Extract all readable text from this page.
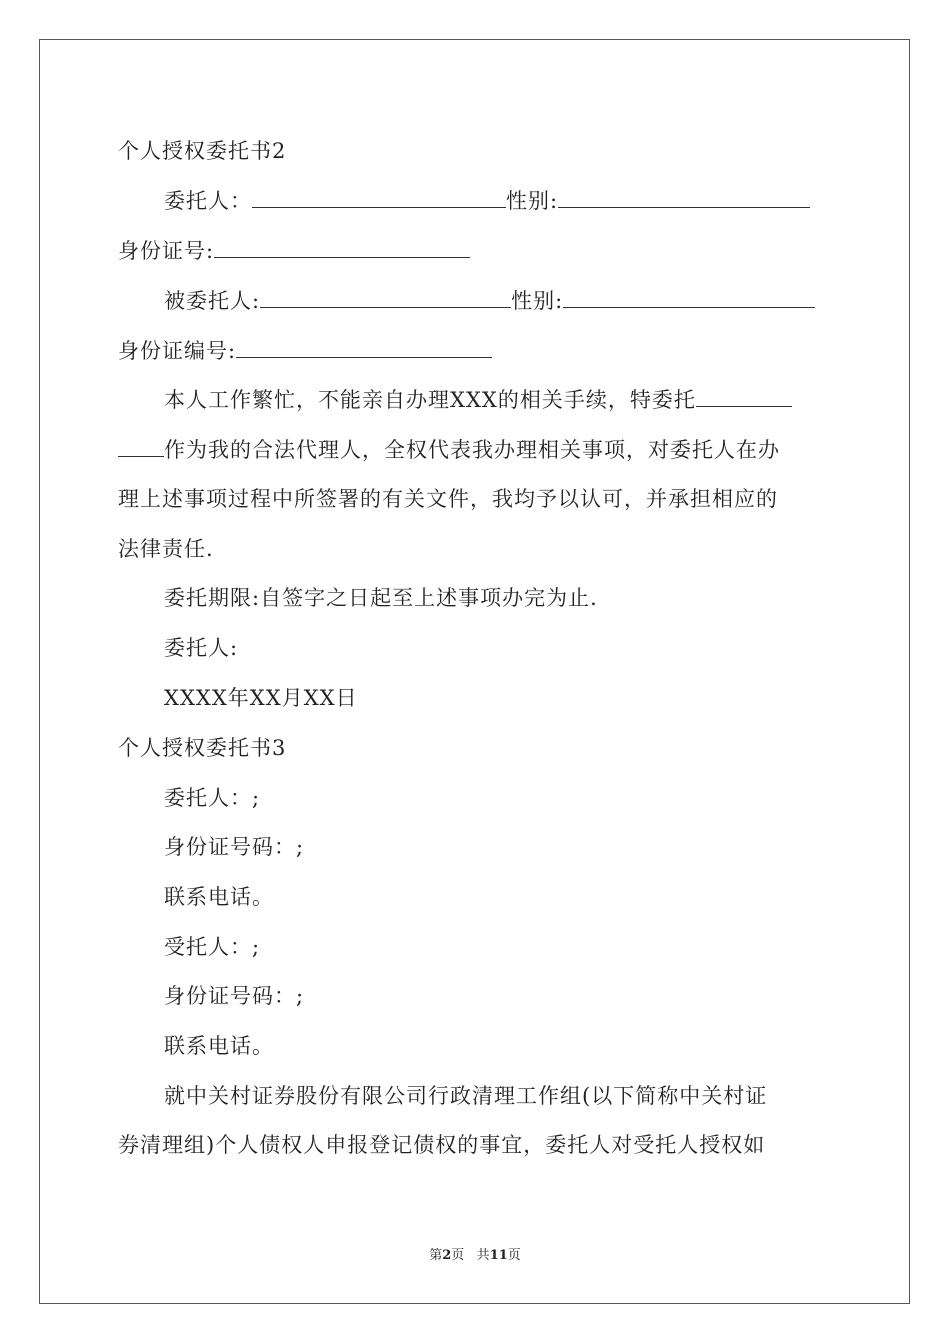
个人授权委托书2
委托人：	性别:
身份证号:
被委托人:	性别:
身份证编号:
本人工作繁忙，不能亲自办理XXX的相关手续，特委托
作为我的合法代理人，全权代表我办理相关事项，对委托人在办
理上述事项过程中所签署的有关文件，我均予以认可，并承担相应的
法律责任.
委托期限:自签字之日起至上述事项办完为止.
委托人:
XXXX年XX月XX日
个人授权委托书3
委托人：;
身份证号码：;
联系电话。
受托人：;
身份证号码：;
联系电话。
就中关村证券股份有限公司行政清理工作组(以下简称中关村证
券清理组)个人债权人申报登记债权的事宜，委托人对受托人授权如
第2页 共11页
